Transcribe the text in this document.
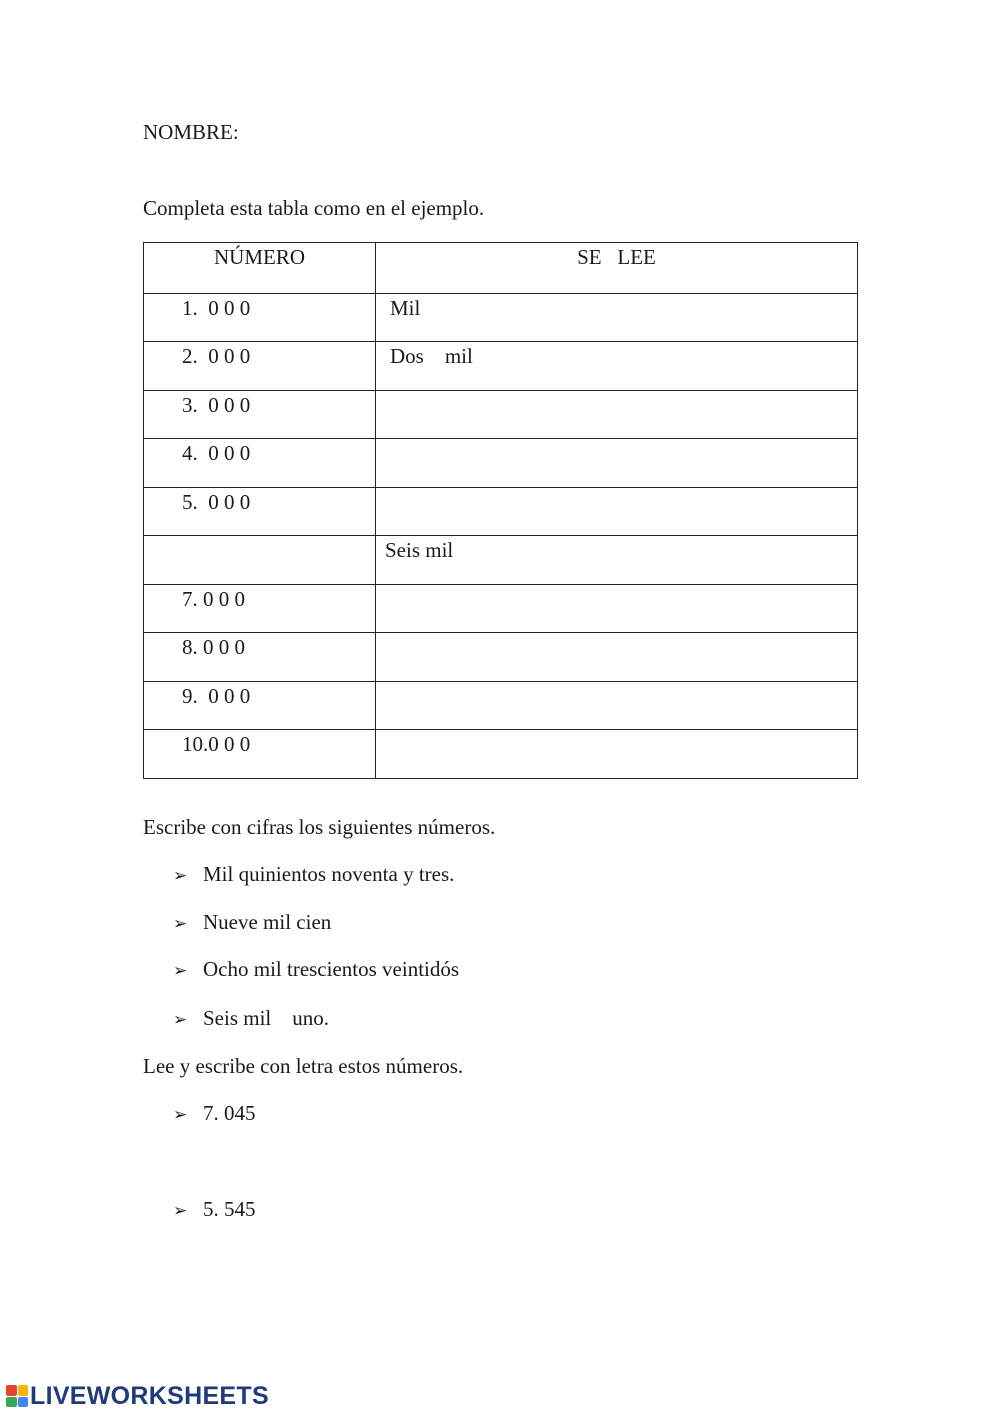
NOMBRE:
Completa esta tabla como en el ejemplo.
NÚMERO	SE   LEE
1.  0 0 0	Mil
2.  0 0 0	Dos    mil
3.  0 0 0	
4.  0 0 0	
5.  0 0 0	
	Seis mil
7. 0 0 0	
8. 0 0 0	
9.  0 0 0	
10.0 0 0	
Escribe con cifras los siguientes números.
➢ Mil quinientos noventa y tres.
➢ Nueve mil cien
➢ Ocho mil trescientos veintidós
➢ Seis mil    uno.
Lee y escribe con letra estos números.
➢ 7. 045
➢ 5. 545
LIVEWORKSHEETS
